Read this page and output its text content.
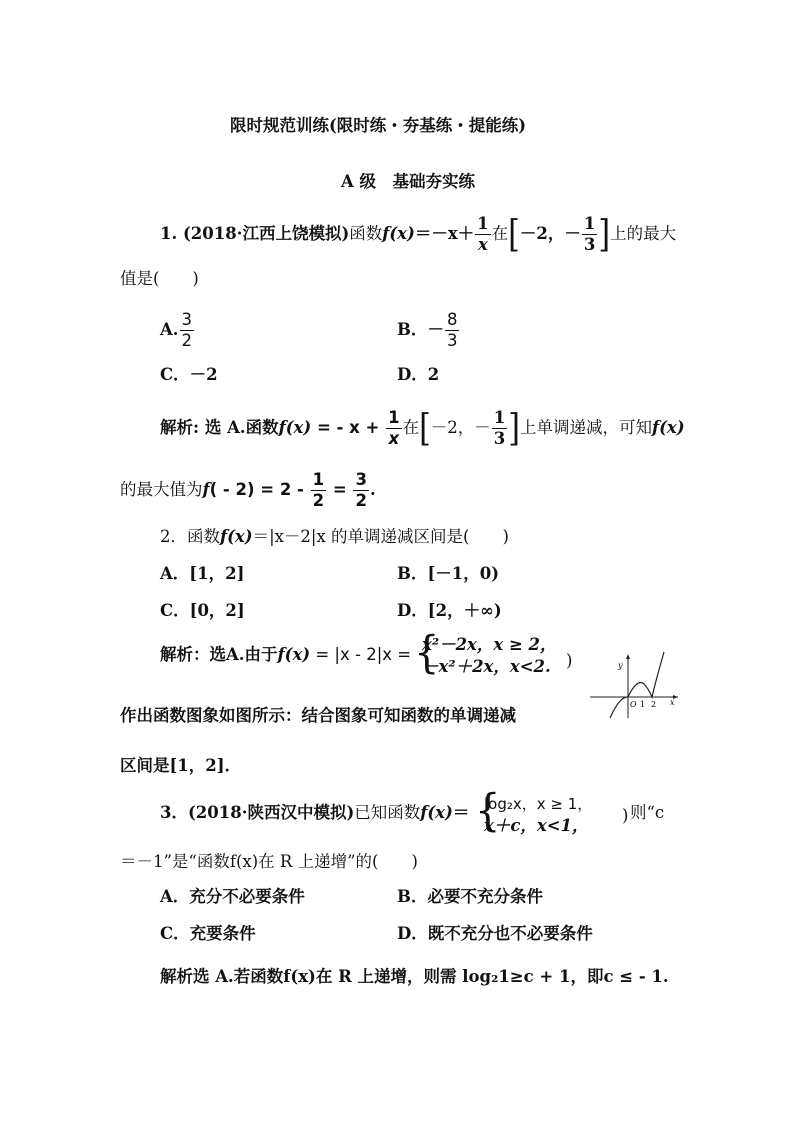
限时规范训练(限时练・夯基练・提能练)
A 级　基础夯实练
1. (2018·江西上饶模拟)函数$f(x)=-x+ \frac{1}{x}$ 在[－2，－ $\frac{1}{3}$ ]上的最大
值是(　　)
A. $\frac{3}{2}$	B．－ $\frac{8}{3}$
C．－2	D．2
解析: 选 A.函数f(x) = - $x + \frac{1}{x}$ 在[－2，－ $\frac{1}{3}$ ]上单调递减，可知f(x)
的最大值为$f( - 2) = 2 - \frac{1}{2} = \frac{3}{2}$ .
2．函数f(x)＝|x－2|x 的单调递减区间是(　　)
A．[1，2]	B．[－1，0)
C．[0，2]	D．[2，＋∞)
解析：选A.由于f(x) = |x - 2|x = {
x²－2x，x ≥ 2，
－x²＋2x，x<2. )	y
O 1 2 x
作出函数图象如图所示：结合图象可知函数的单调递减
区间是[1，2]．
3．(2018·陕西汉中模拟)已知函数f(x)＝ {
log₂x，x ≥ 1，
x＋c，x<1，
) 则“c
＝－1”是“函数f(x)在 R 上递增”的(　　)
A．充分不必要条件	B．必要不充分条件
C．充要条件	D．既不充分也不必要条件
解析选 A.若函数f(x)在 R 上递增，则需 log₂1≥c + 1，即c ≤ - 1.
